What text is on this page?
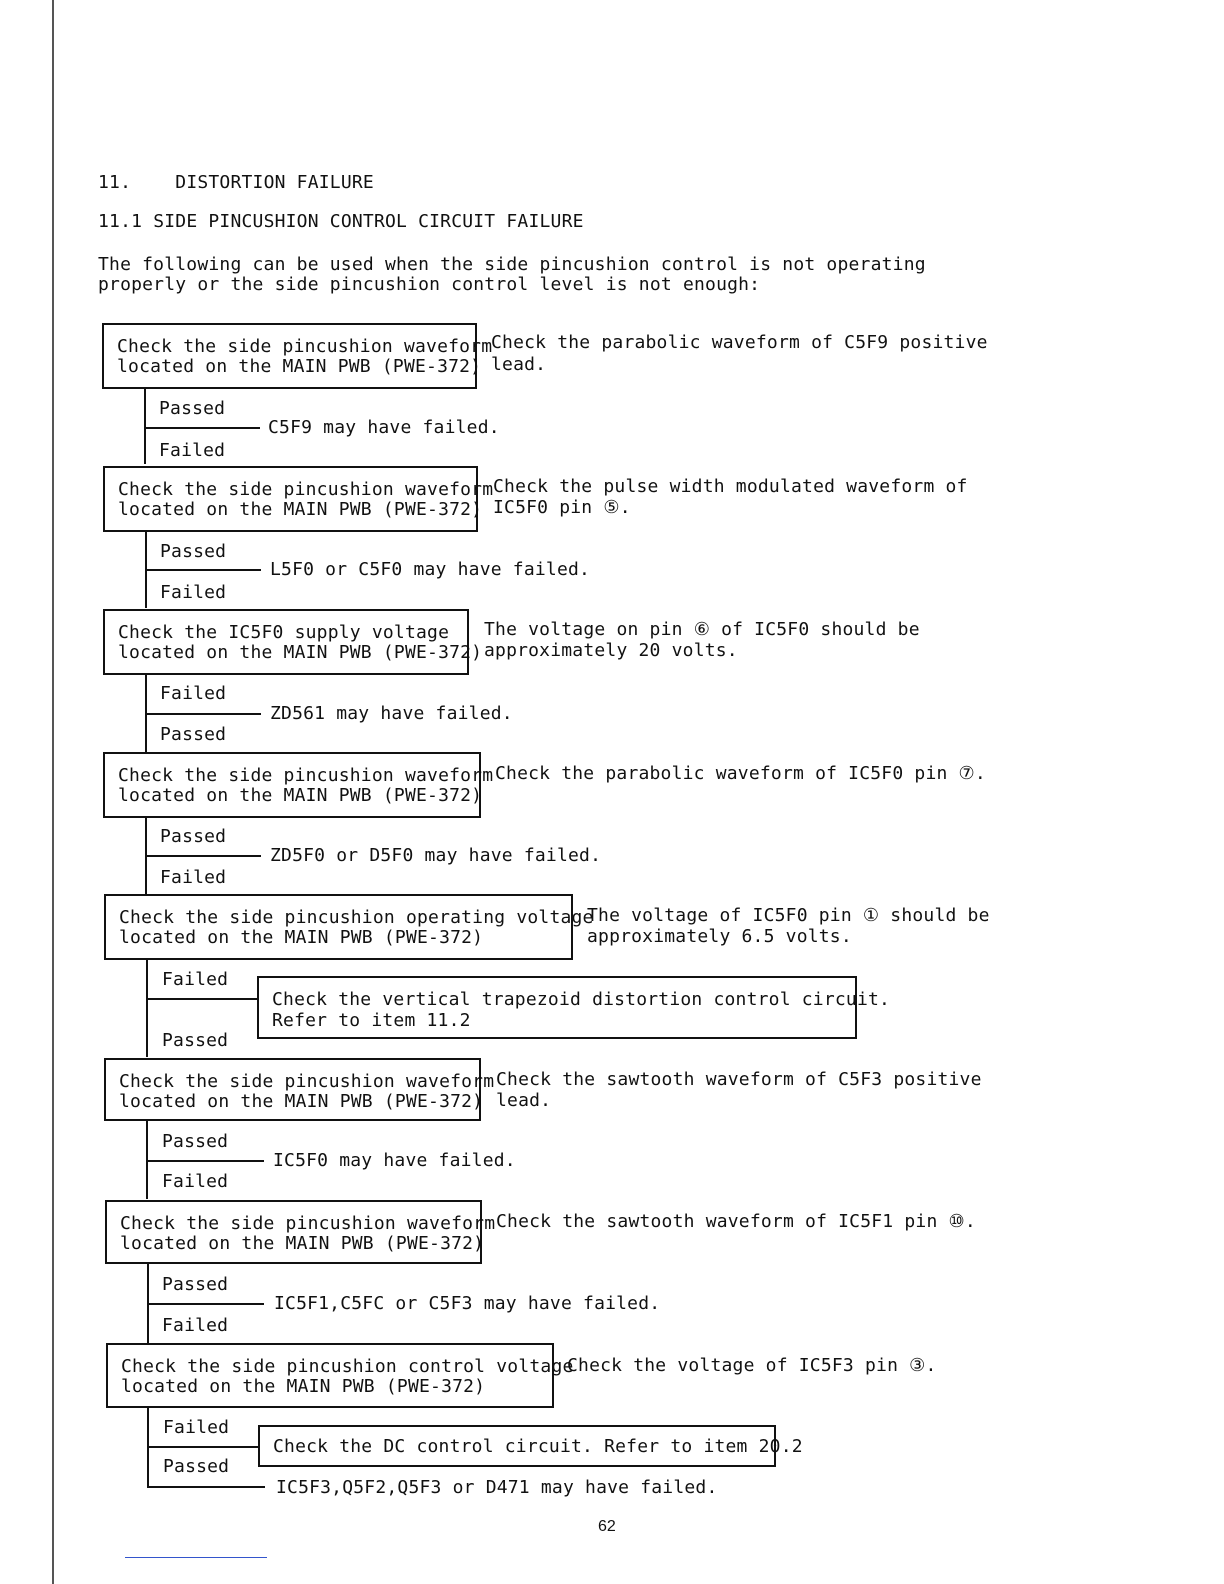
11. DISTORTION FAILURE
11.1 SIDE PINCUSHION CONTROL CIRCUIT FAILURE
The following can be used when the side pincushion control is not operating
properly or the side pincushion control level is not enough:
Check the side pincushion waveform
located on the MAIN PWB (PWE-372)
Check the parabolic waveform of C5F9 positive
lead.
Passed
C5F9 may have failed.
Failed
Check the side pincushion waveform
located on the MAIN PWB (PWE-372)
Check the pulse width modulated waveform of
IC5F0 pin ⑤.
Passed
L5F0 or C5F0 may have failed.
Failed
Check the IC5F0 supply voltage
located on the MAIN PWB (PWE-372)
The voltage on pin ⑥ of IC5F0 should be
approximately 20 volts.
Failed
ZD561 may have failed.
Passed
Check the side pincushion waveform
located on the MAIN PWB (PWE-372)
Check the parabolic waveform of IC5F0 pin ⑦.
Passed
ZD5F0 or D5F0 may have failed.
Failed
Check the side pincushion operating voltage
located on the MAIN PWB (PWE-372)
The voltage of IC5F0 pin ① should be
approximately 6.5 volts.
Failed
Check the vertical trapezoid distortion control circuit.
Refer to item 11.2
Passed
Check the side pincushion waveform
located on the MAIN PWB (PWE-372)
Check the sawtooth waveform of C5F3 positive
lead.
Passed
IC5F0 may have failed.
Failed
Check the side pincushion waveform
located on the MAIN PWB (PWE-372)
Check the sawtooth waveform of IC5F1 pin ⑩.
Passed
IC5F1,C5FC or C5F3 may have failed.
Failed
Check the side pincushion control voltage
located on the MAIN PWB (PWE-372)
Check the voltage of IC5F3 pin ③.
Failed
Check the DC control circuit. Refer to item 20.2
Passed
IC5F3,Q5F2,Q5F3 or D471 may have failed.
62
